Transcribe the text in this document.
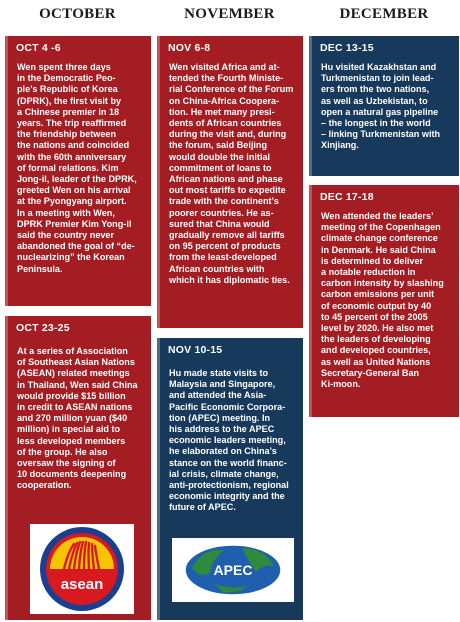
OCTOBER	NOVEMBER	DECEMBER
OCT 4 -6
Wen spent three days
in the Democratic Peo-
ple’s Republic of Korea
(DPRK), the first visit by
a Chinese premier in 18
years. The trip reaffirmed
the friendship between
the nations and coincided
with the 60th anniversary
of formal relations. Kim
Jong-il, leader of the DPRK,
greeted Wen on his arrival
at the Pyongyang airport.
In a meeting with Wen,
DPRK Premier Kim Yong-il
said the country never
abandoned the goal of “de-
nuclearizing” the Korean
Peninsula.
OCT 23-25
At a series of Association
of Southeast Asian Nations
(ASEAN) related meetings
in Thailand, Wen said China
would provide $15 billion
in credit to ASEAN nations
and 270 million yuan ($40
million) in special aid to
less developed members
of the group. He also
oversaw the signing of
10 documents deepening
cooperation.
asean
NOV 6-8
Wen visited Africa and at-
tended the Fourth Ministe-
rial Conference of the Forum
on China-Africa Coopera-
tion. He met many presi-
dents of African countries
during the visit and, during
the forum, said Beijing
would double the initial
commitment of loans to
African nations and phase
out most tariffs to expedite
trade with the continent’s
poorer countries. He as-
sured that China would
gradually remove all tariffs
on 95 percent of products
from the least-developed
African countries with
which it has diplomatic ties.
NOV 10-15
Hu made state visits to
Malaysia and Singapore,
and attended the Asia-
Pacific Economic Corpora-
tion (APEC) meeting. In
his address to the APEC
economic leaders meeting,
he elaborated on China’s
stance on the world financ-
ial crisis, climate change,
anti-protectionism, regional
economic integrity and the
future of APEC.
APEC
DEC 13-15
Hu visited Kazakhstan and
Turkmenistan to join lead-
ers from the two nations,
as well as Uzbekistan, to
open a natural gas pipeline
– the longest in the world
– linking Turkmenistan with
Xinjiang.
DEC 17-18
Wen attended the leaders’
meeting of the Copenhagen
climate change conference
in Denmark. He said China
is determined to deliver
a notable reduction in
carbon intensity by slashing
carbon emissions per unit
of economic output by 40
to 45 percent of the 2005
level by 2020. He also met
the leaders of developing
and developed countries,
as well as United Nations
Secretary-General Ban
Ki-moon.
